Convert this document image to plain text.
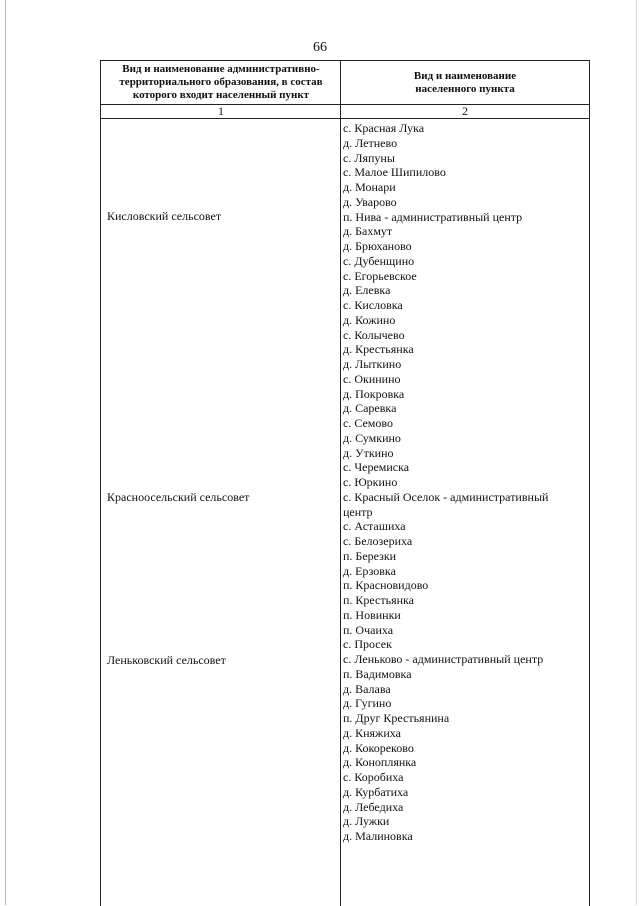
66
Вид и наименование административно-
территориального образования, в состав
которого входит населенный пункт
Вид и наименование
населенного пункта
1	2
Кисловский сельсовет
Красноосельский сельсовет
Леньковский сельсовет
с. Красная Лука
д. Летнево
с. Ляпуны
с. Малое Шипилово
д. Монари
д. Уварово
п. Нива - административный центр
д. Бахмут
д. Брюханово
с. Дубенщино
с. Егорьевское
д. Елевка
с. Кисловка
д. Кожино
с. Колычево
д. Крестьянка
д. Лыткино
с. Окинино
д. Покровка
д. Саревка
с. Семово
д. Сумкино
д. Уткино
с. Черемиска
с. Юркино
с. Красный Оселок - административный
центр
с. Асташиха
с. Белозериха
п. Березки
д. Ерзовка
п. Красновидово
п. Крестьянка
п. Новинки
п. Очаиха
с. Просек
с. Леньково - административный центр
п. Вадимовка
д. Валава
д. Гугино
п. Друг Крестьянина
д. Княжиха
д. Кокореково
д. Коноплянка
с. Коробиха
д. Курбатиха
д. Лебедиха
д. Лужки
д. Малиновка
